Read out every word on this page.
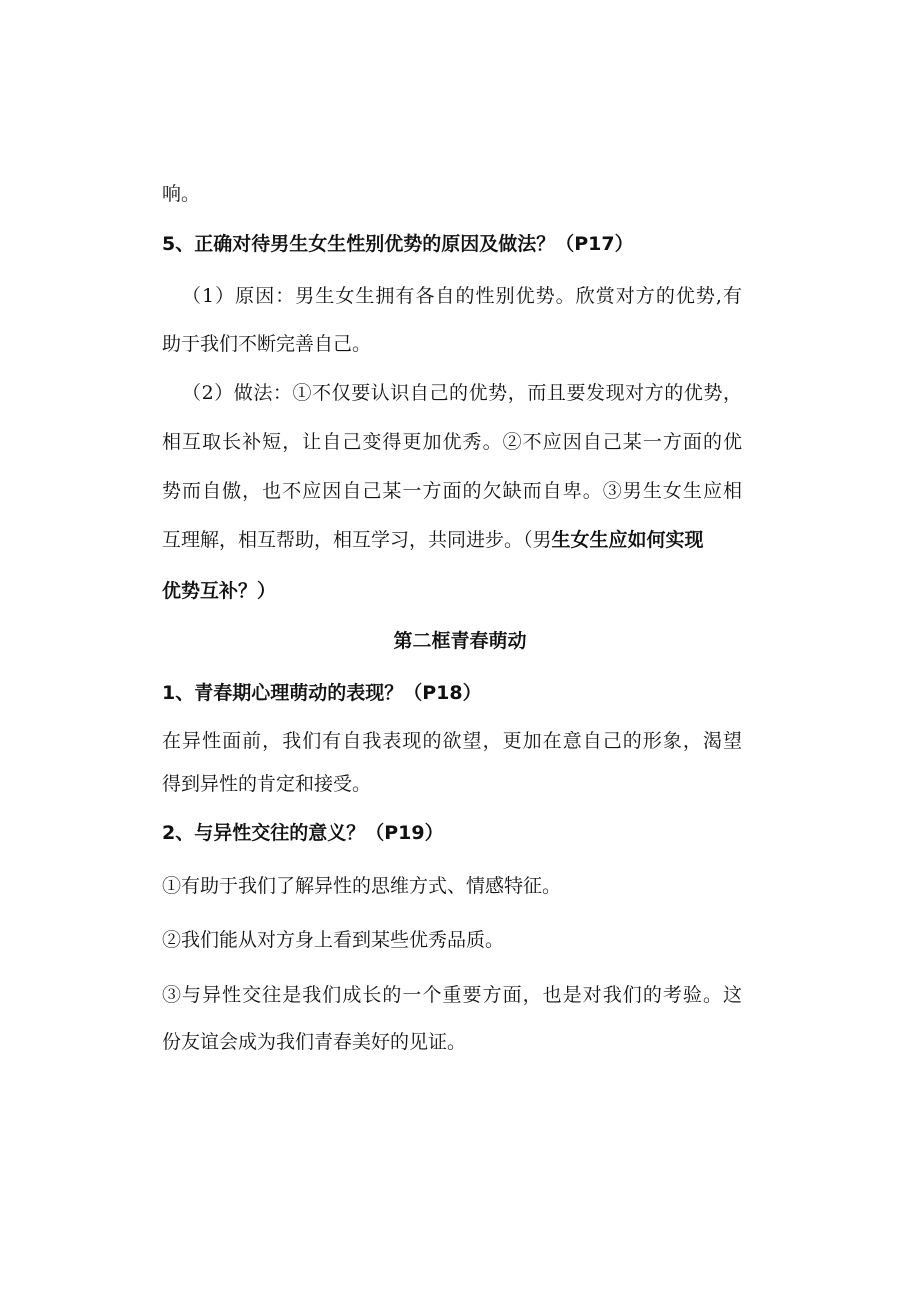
响。
5、正确对待男生女生性别优势的原因及做法？（P17）
（1）原因：男生女生拥有各自的性别优势。欣赏对方的优势,有
助于我们不断完善自己。
（2）做法：①不仅要认识自己的优势，而且要发现对方的优势，
相互取长补短，让自己变得更加优秀。②不应因自己某一方面的优
势而自傲，也不应因自己某一方面的欠缺而自卑。③男生女生应相
互理解，相互帮助，相互学习，共同进步。（男生女生应如何实现
优势互补？）
第二框青春萌动
1、青春期心理萌动的表现？（P18）
在异性面前，我们有自我表现的欲望，更加在意自己的形象，渴望
得到异性的肯定和接受。
2、与异性交往的意义？（P19）
①有助于我们了解异性的思维方式、情感特征。
②我们能从对方身上看到某些优秀品质。
③与异性交往是我们成长的一个重要方面，也是对我们的考验。这
份友谊会成为我们青春美好的见证。
